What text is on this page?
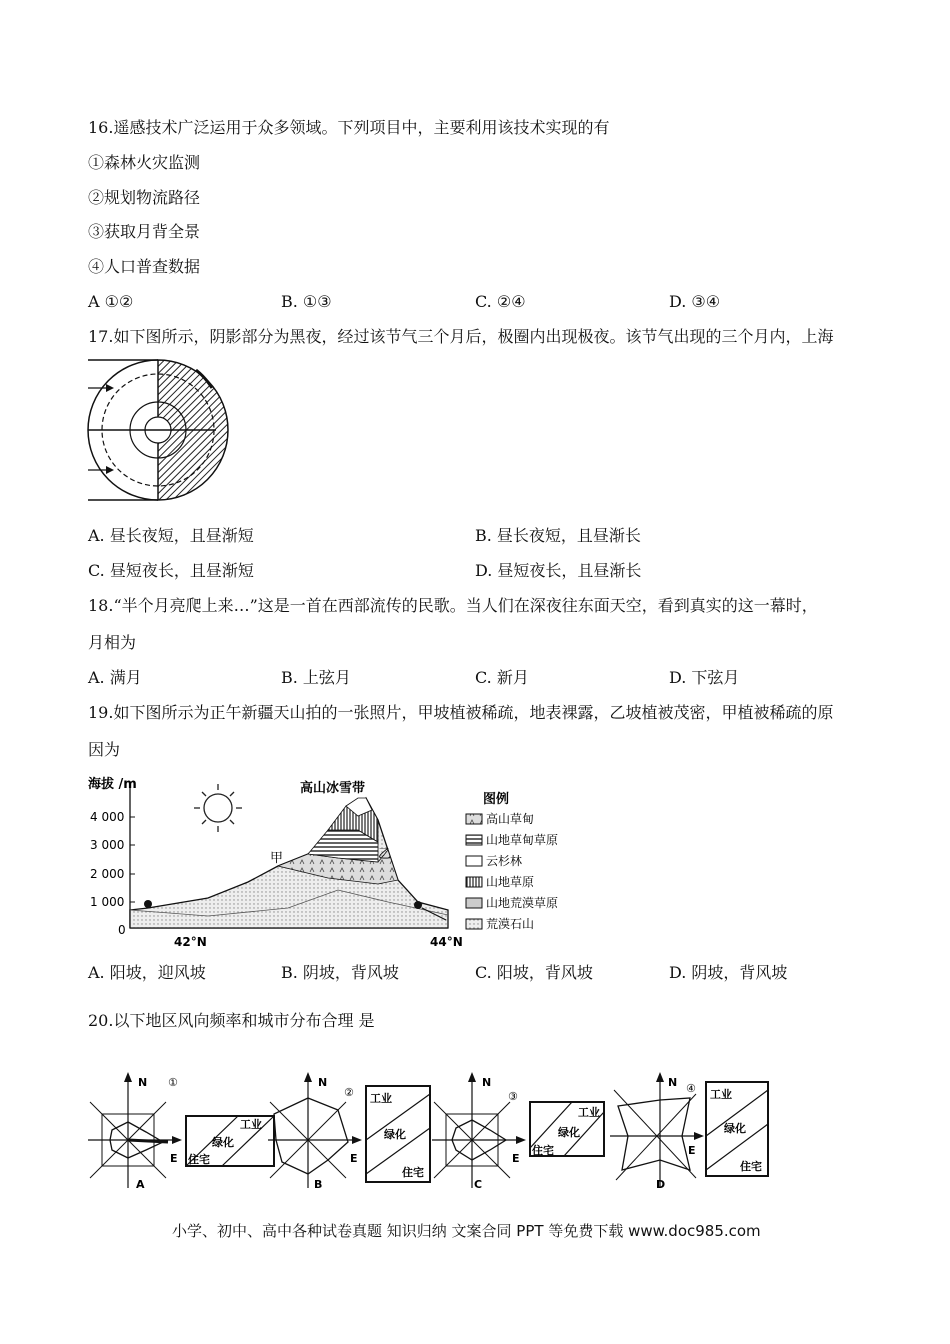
16.遥感技术广泛运用于众多领域。下列项目中，主要利用该技术实现的有
①森林火灾监测
②规划物流路径
③获取月背全景
④人口普查数据
A ①②	B. ①③	C. ②④	D. ③④
17.如下图所示，阴影部分为黑夜，经过该节气三个月后，极圈内出现极夜。该节气出现的三个月内，上海
A. 昼长夜短，且昼渐短	B. 昼长夜短，且昼渐长
C. 昼短夜长，且昼渐短	D. 昼短夜长，且昼渐长
18.“半个月亮爬上来…”这是一首在西部流传的民歌。当人们在深夜往东面天空，看到真实的这一幕时，
月相为
A. 满月	B. 上弦月	C. 新月	D. 下弦月
19.如下图所示为正午新疆天山拍的一张照片，甲坡植被稀疏，地表裸露，乙坡植被茂密，甲植被稀疏的原
因为
海拔 /m
4 000
3 000
2 000
1 000
0
42°N	44°N
高山冰雪带
甲	乙
图例
高山草甸
山地草甸草原
云杉林
山地草原
山地荒漠草原
荒漠石山
A. 阳坡，迎风坡	B. 阴坡，背风坡	C. 阳坡，背风坡	D. 阴坡，背风坡
20.以下地区风向频率和城市分布合理 是
N ①
E
A
工业
绿化
住宅
N
②
E
B
工业
绿化
住宅
N
③
E
C
工业
绿化
住宅
N ④
E
D
工业
绿化
住宅
小学、初中、高中各种试卷真题 知识归纳 文案合同 PPT 等免费下载 www.doc985.com
